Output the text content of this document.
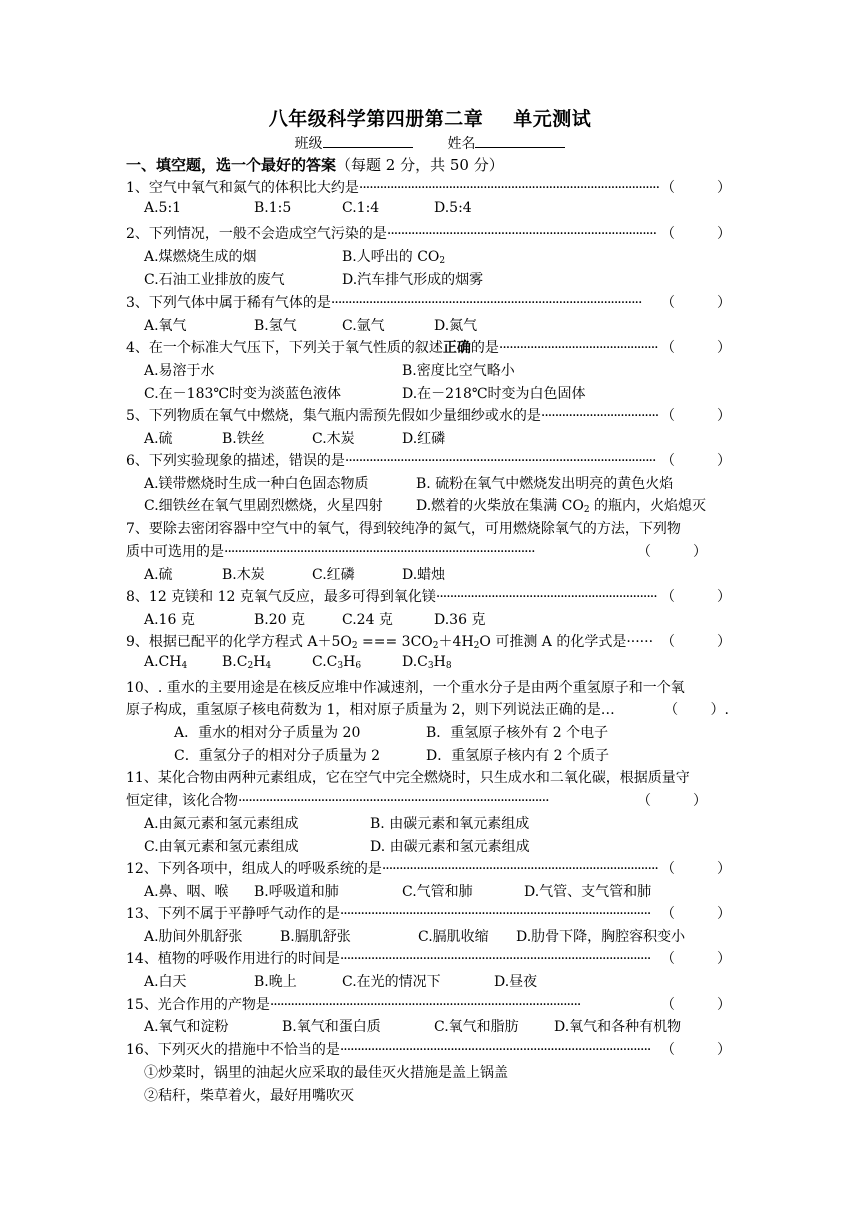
八年级科学第四册第二章 单元测试
班级	姓名
一、填空题，选一个最好的答案（每题 2 分，共 50 分）
1、空气中氧气和氮气的体积比大约是······················································································· （　　　）
A.5:1	B.1:5	C.1:4	D.5:4
2、下列情况，一般不会造成空气污染的是·············································································· （　　　）
A.煤燃烧生成的烟	B.人呼出的 $CO_2$
C.石油工业排放的废气	D.汽车排气形成的烟雾
3、下列气体中属于稀有气体的是·························································································· （　　　）
A.氧气	B.氢气	C.氩气	D.氮气
4、在一个标准大气压下，下列关于氧气性质的叙述正确的是·············································· （　　　）
A.易溶于水	B.密度比空气略小
C.在－183℃时变为淡蓝色液体	D.在－218℃时变为白色固体
5、下列物质在氧气中燃烧，集气瓶内需预先假如少量细纱或水的是·································· （　　　）
A.硫	B.铁丝	C.木炭	D.红磷
6、下列实验现象的描述，错误的是·························································································· （　　　）
A.镁带燃烧时生成一种白色固态物质	B. 硫粉在氧气中燃烧发出明亮的黄色火焰
C.细铁丝在氧气里剧烈燃烧，火星四射 D.燃着的火柴放在集满 $CO_2$ 的瓶内，火焰熄灭
7、要除去密闭容器中空气中的氧气，得到较纯净的氮气，可用燃烧除氧气的方法，下列物
质中可选用的是··························································································	（　　　）
A.硫	B.木炭	C.红磷	D.蜡烛
8、12 克镁和 12 克氧气反应，最多可得到氧化镁································································ （　　　）
A.16 克	B.20 克	C.24 克	D.36 克
9、根据已配平的化学方程式 $A+5O_2$ === $3CO_2+4H_2O$ 可推测 A 的化学式是······ （　　　）
$A.CH_4$ $B.C_2H_4$	$C.C_3H_6$	$D.C_3H_8$
10、. 重水的主要用途是在核反应堆中作减速剂，一个重水分子是由两个重氢原子和一个氧
原子构成，重氢原子核电荷数为 1，相对原子质量为 2，则下列说法正确的是…	（　　 ）.
A．重水的相对分子质量为 20	B．重氢原子核外有 2 个电子
C．重氢分子的相对分子质量为 2	D．重氢原子核内有 2 个质子
11、某化合物由两种元素组成，它在空气中完全燃烧时，只生成水和二氧化碳，根据质量守
恒定律，该化合物··························································································	（　　　）
A.由氮元素和氢元素组成	B. 由碳元素和氧元素组成
C.由氧元素和氢元素组成	D. 由碳元素和氢元素组成
12、下列各项中，组成人的呼吸系统的是················································································ （　　　）
A.鼻、咽、喉 B.呼吸道和肺	C.气管和肺	D.气管、支气管和肺
13、下列不属于平静呼气动作的是·························································································· （　　　）
A.肋间外肌舒张	B.膈肌舒张	C.膈肌收缩 D.肋骨下降，胸腔容积变小
14、植物的呼吸作用进行的时间是·························································································· （　　　）
A.白天	B.晚上	C.在光的情况下	D.昼夜
15、光合作用的产物是··························································································	（　　　）
A.氧气和淀粉	B.氧气和蛋白质	C.氧气和脂肪	D.氧气和各种有机物
16、下列灭火的措施中不恰当的是·························································································· （　　　）
①炒菜时，锅里的油起火应采取的最佳灭火措施是盖上锅盖
②秸秆，柴草着火，最好用嘴吹灭
